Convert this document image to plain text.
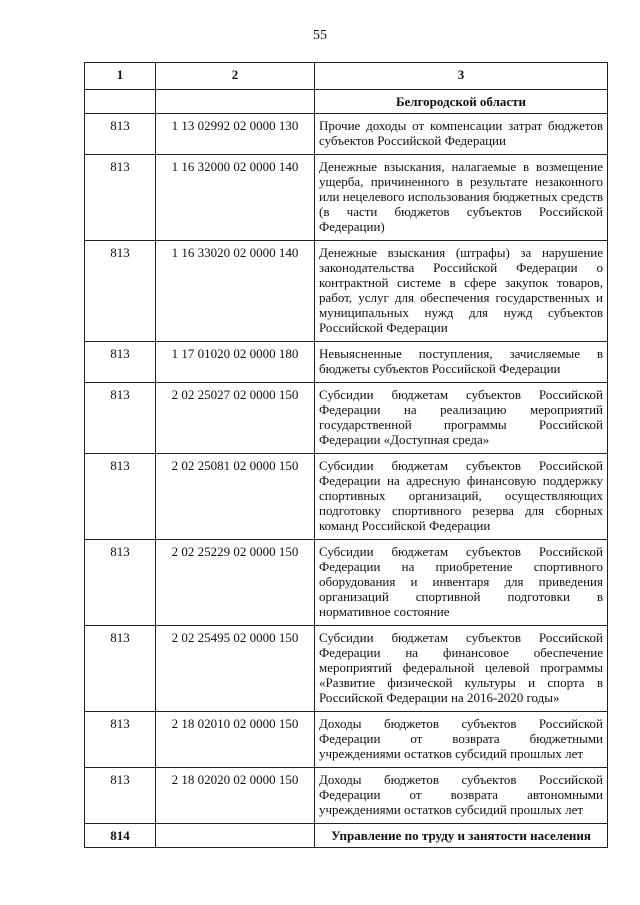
55
1	2	3
		Белгородской области
813	1 13 02992 02 0000 130	Прочие доходы от компенсации затрат бюджетов субъектов Российской Федерации
813	1 16 32000 02 0000 140	Денежные взыскания, налагаемые в возмещение ущерба, причиненного в результате незаконного или нецелевого использования бюджетных средств (в части бюджетов субъектов Российской Федерации)
813	1 16 33020 02 0000 140	Денежные взыскания (штрафы) за нарушение законодательства Российской Федерации о контрактной системе в сфере закупок товаров, работ, услуг для обеспечения государственных и муниципальных нужд для нужд субъектов Российской Федерации
813	1 17 01020 02 0000 180	Невыясненные поступления, зачисляемые в бюджеты субъектов Российской Федерации
813	2 02 25027 02 0000 150	Субсидии бюджетам субъектов Российской Федерации на реализацию мероприятий государственной программы Российской Федерации «Доступная среда»
813	2 02 25081 02 0000 150	Субсидии бюджетам субъектов Российской Федерации на адресную финансовую поддержку спортивных организаций, осуществляющих подготовку спортивного резерва для сборных команд Российской Федерации
813	2 02 25229 02 0000 150	Субсидии бюджетам субъектов Российской Федерации на приобретение спортивного оборудования и инвентаря для приведения организаций спортивной подготовки в нормативное состояние
813	2 02 25495 02 0000 150	Субсидии бюджетам субъектов Российской Федерации на финансовое обеспечение мероприятий федеральной целевой программы «Развитие физической культуры и спорта в Российской Федерации на 2016-2020 годы»
813	2 18 02010 02 0000 150	Доходы бюджетов субъектов Российской Федерации от возврата бюджетными учреждениями остатков субсидий прошлых лет
813	2 18 02020 02 0000 150	Доходы бюджетов субъектов Российской Федерации от возврата автономными учреждениями остатков субсидий прошлых лет
814		Управление по труду и занятости населения
